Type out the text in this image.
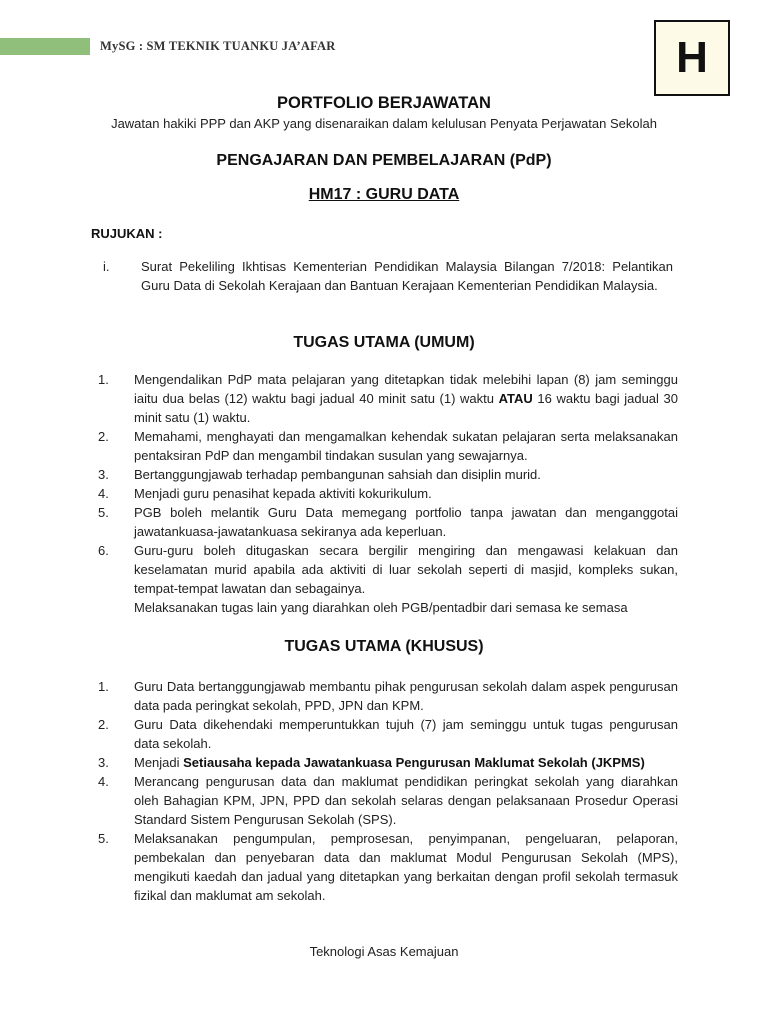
MySG : SM TEKNIK TUANKU JA’AFAR	H
PORTFOLIO BERJAWATAN
Jawatan hakiki PPP dan AKP yang disenaraikan dalam kelulusan Penyata Perjawatan Sekolah
PENGAJARAN DAN PEMBELAJARAN (PdP)
HM17 : GURU DATA
RUJUKAN :
i. Surat Pekeliling Ikhtisas Kementerian Pendidikan Malaysia Bilangan 7/2018: Pelantikan Guru Data di Sekolah Kerajaan dan Bantuan Kerajaan Kementerian Pendidikan Malaysia.
TUGAS UTAMA (UMUM)
1. Mengendalikan PdP mata pelajaran yang ditetapkan tidak melebihi lapan (8) jam seminggu iaitu dua belas (12) waktu bagi jadual 40 minit satu (1) waktu ATAU 16 waktu bagi jadual 30 minit satu (1) waktu.
2. Memahami, menghayati dan mengamalkan kehendak sukatan pelajaran serta melaksanakan pentaksiran PdP dan mengambil tindakan susulan yang sewajarnya.
3. Bertanggungjawab terhadap pembangunan sahsiah dan disiplin murid.
4. Menjadi guru penasihat kepada aktiviti kokurikulum.
5. PGB boleh melantik Guru Data memegang portfolio tanpa jawatan dan menganggotai jawatankuasa-jawatankuasa sekiranya ada keperluan.
6. Guru-guru boleh ditugaskan secara bergilir mengiring dan mengawasi kelakuan dan keselamatan murid apabila ada aktiviti di luar sekolah seperti di masjid, kompleks sukan, tempat-tempat lawatan dan sebagainya.
Melaksanakan tugas lain yang diarahkan oleh PGB/pentadbir dari semasa ke semasa
TUGAS UTAMA (KHUSUS)
1. Guru Data bertanggungjawab membantu pihak pengurusan sekolah dalam aspek pengurusan data pada peringkat sekolah, PPD, JPN dan KPM.
2. Guru Data dikehendaki memperuntukkan tujuh (7) jam seminggu untuk tugas pengurusan data sekolah.
3. Menjadi Setiausaha kepada Jawatankuasa Pengurusan Maklumat Sekolah (JKPMS)
4. Merancang pengurusan data dan maklumat pendidikan peringkat sekolah yang diarahkan oleh Bahagian KPM, JPN, PPD dan sekolah selaras dengan pelaksanaan Prosedur Operasi Standard Sistem Pengurusan Sekolah (SPS).
5. Melaksanakan pengumpulan, pemprosesan, penyimpanan, pengeluaran, pelaporan, pembekalan dan penyebaran data dan maklumat Modul Pengurusan Sekolah (MPS), mengikuti kaedah dan jadual yang ditetapkan yang berkaitan dengan profil sekolah termasuk fizikal dan maklumat am sekolah.
Teknologi Asas Kemajuan
